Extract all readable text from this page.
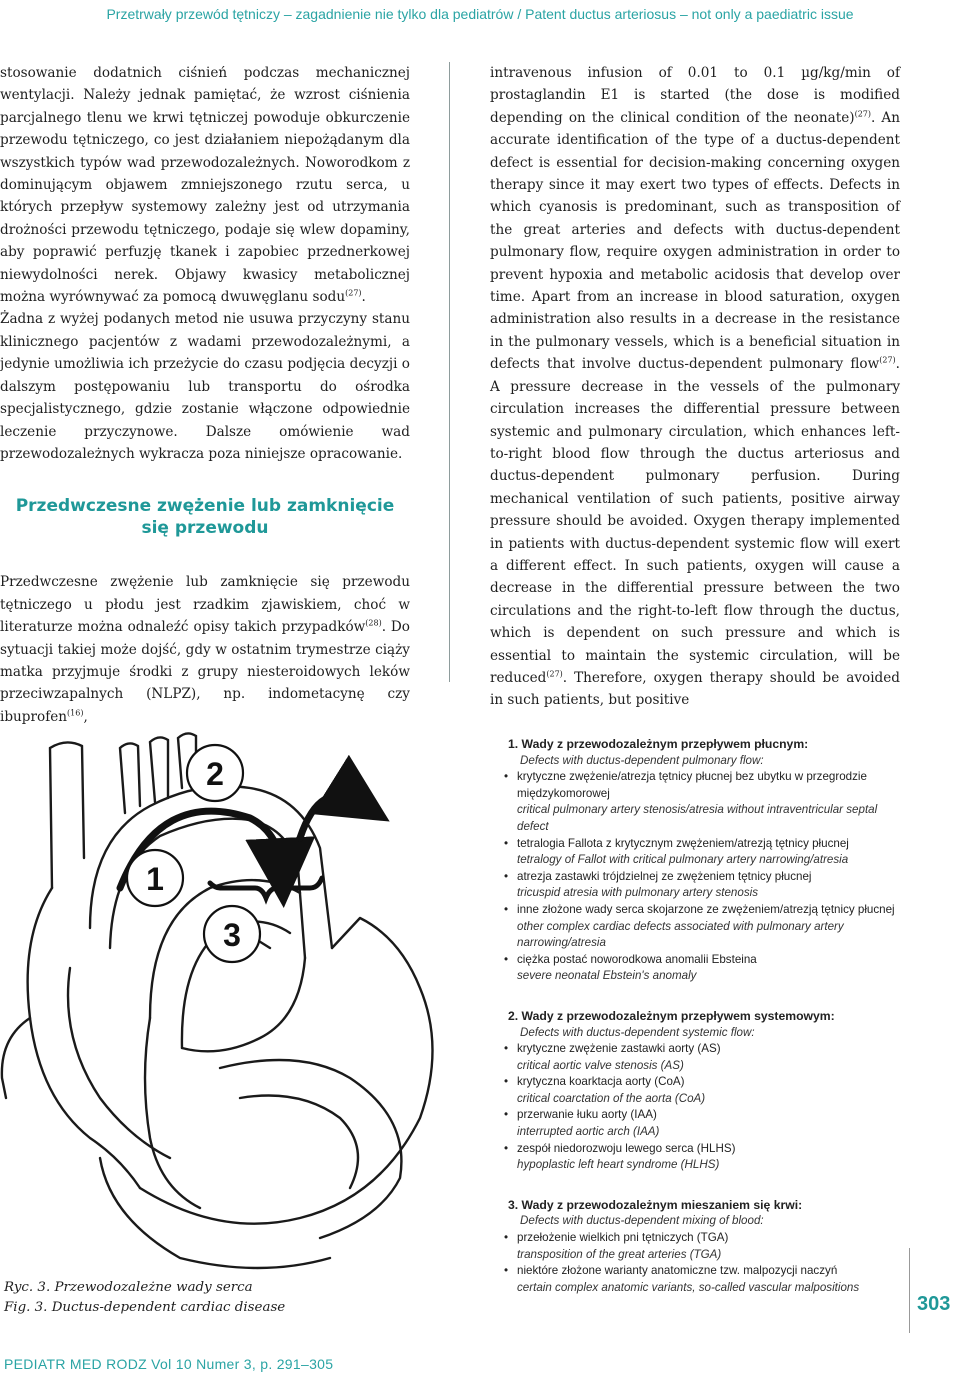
Przetrwały przewód tętniczy – zagadnienie nie tylko dla pediatrów / Patent ductus arteriosus – not only a paediatric issue

stosowanie dodatnich ciśnień podczas mechanicznej wentylacji. Należy jednak pamiętać, że wzrost ciśnienia parcjalnego tlenu we krwi tętniczej powoduje obkurczenie przewodu tętniczego, co jest działaniem niepożądanym dla wszystkich typów wad przewodozależnych. Noworodkom z dominującym objawem zmniejszonego rzutu serca, u których przepływ systemowy zależny jest od utrzymania drożności przewodu tętniczego, podaje się wlew dopaminy, aby poprawić perfuzję tkanek i zapobiec przednerkowej niewydolności nerek. Objawy kwasicy metabolicznej można wyrównywać za pomocą dwuwęglanu sodu$^{(27)}$.

Żadna z wyżej podanych metod nie usuwa przyczyny stanu klinicznego pacjentów z wadami przewodozależnymi, a jedynie umożliwia ich przeżycie do czasu podjęcia decyzji o dalszym postępowaniu lub transportu do ośrodka specjalistycznego, gdzie zostanie włączone odpowiednie leczenie przyczynowe. Dalsze omówienie wad przewodozależnych wykracza poza niniejsze opracowanie.

Przedwczesne zwężenie lub zamknięcie się przewodu

Przedwczesne zwężenie lub zamknięcie się przewodu tętniczego u płodu jest rzadkim zjawiskiem, choć w literaturze można odnaleźć opisy takich przypadków$^{(28)}$. Do sytuacji takiej może dojść, gdy w ostatnim trymestrze ciąży matka przyjmuje środki z grupy niesteroidowych leków przeciwzapalnych (NLPZ), np. indometacynę czy ibuprofen$^{(16)}$,

intravenous infusion of 0.01 to 0.1 µg/kg/min of prostaglandin E1 is started (the dose is modified depending on the clinical condition of the neonate)$^{(27)}$. An accurate identification of the type of a ductus-dependent defect is essential for decision-making concerning oxygen therapy since it may exert two types of effects. Defects in which cyanosis is predominant, such as transposition of the great arteries and defects with ductus-dependent pulmonary flow, require oxygen administration in order to prevent hypoxia and metabolic acidosis that develop over time. Apart from an increase in blood saturation, oxygen administration also results in a decrease in the resistance in the pulmonary vessels, which is a beneficial situation in defects that involve ductus-dependent pulmonary flow$^{(27)}$. A pressure decrease in the vessels of the pulmonary circulation increases the differential pressure between systemic and pulmonary circulation, which enhances left-to-right blood flow through the ductus arteriosus and ductus-dependent pulmonary perfusion. During mechanical ventilation of such patients, positive airway pressure should be avoided. Oxygen therapy implemented in patients with ductus-dependent systemic flow will exert a different effect. In such patients, oxygen will cause a decrease in the differential pressure between the two circulations and the right-to-left flow through the ductus, which is dependent on such pressure and which is essential to maintain the systemic circulation, will be reduced$^{(27)}$. Therefore, oxygen therapy should be avoided in such patients, but positive

1
2
3
1. Wady z przewodozależnym przepływem płucnym:
Defects with ductus-dependent pulmonary flow:
• krytyczne zwężenie/atrezja tętnicy płucnej bez ubytku w przegrodzie międzykomorowej
critical pulmonary artery stenosis/atresia without intraventricular septal defect
• tetralogia Fallota z krytycznym zwężeniem/atrezją tętnicy płucnej
tetralogy of Fallot with critical pulmonary artery narrowing/atresia
• atrezja zastawki trójdzielnej ze zwężeniem tętnicy płucnej
tricuspid atresia with pulmonary artery stenosis
• inne złożone wady serca skojarzone ze zwężeniem/atrezją tętnicy płucnej
other complex cardiac defects associated with pulmonary artery narrowing/atresia
• ciężka postać noworodkowa anomalii Ebsteina
severe neonatal Ebstein's anomaly
2. Wady z przewodozależnym przepływem systemowym:
Defects with ductus-dependent systemic flow:
• krytyczne zwężenie zastawki aorty (AS)
critical aortic valve stenosis (AS)
• krytyczna koarktacja aorty (CoA)
critical coarctation of the aorta (CoA)
• przerwanie łuku aorty (IAA)
interrupted aortic arch (IAA)
• zespół niedorozwoju lewego serca (HLHS)
hypoplastic left heart syndrome (HLHS)
3. Wady z przewodozależnym mieszaniem się krwi:
Defects with ductus-dependent mixing of blood:
• przełożenie wielkich pni tętniczych (TGA)
transposition of the great arteries (TGA)
• niektóre złożone warianty anatomiczne tzw. malpozycji naczyń
certain complex anatomic variants, so-called vascular malpositions
Ryc. 3. Przewodozależne wady serca
Fig. 3. Ductus-dependent cardiac disease	303
PEDIATR MED RODZ Vol 10 Numer 3, p. 291–305
